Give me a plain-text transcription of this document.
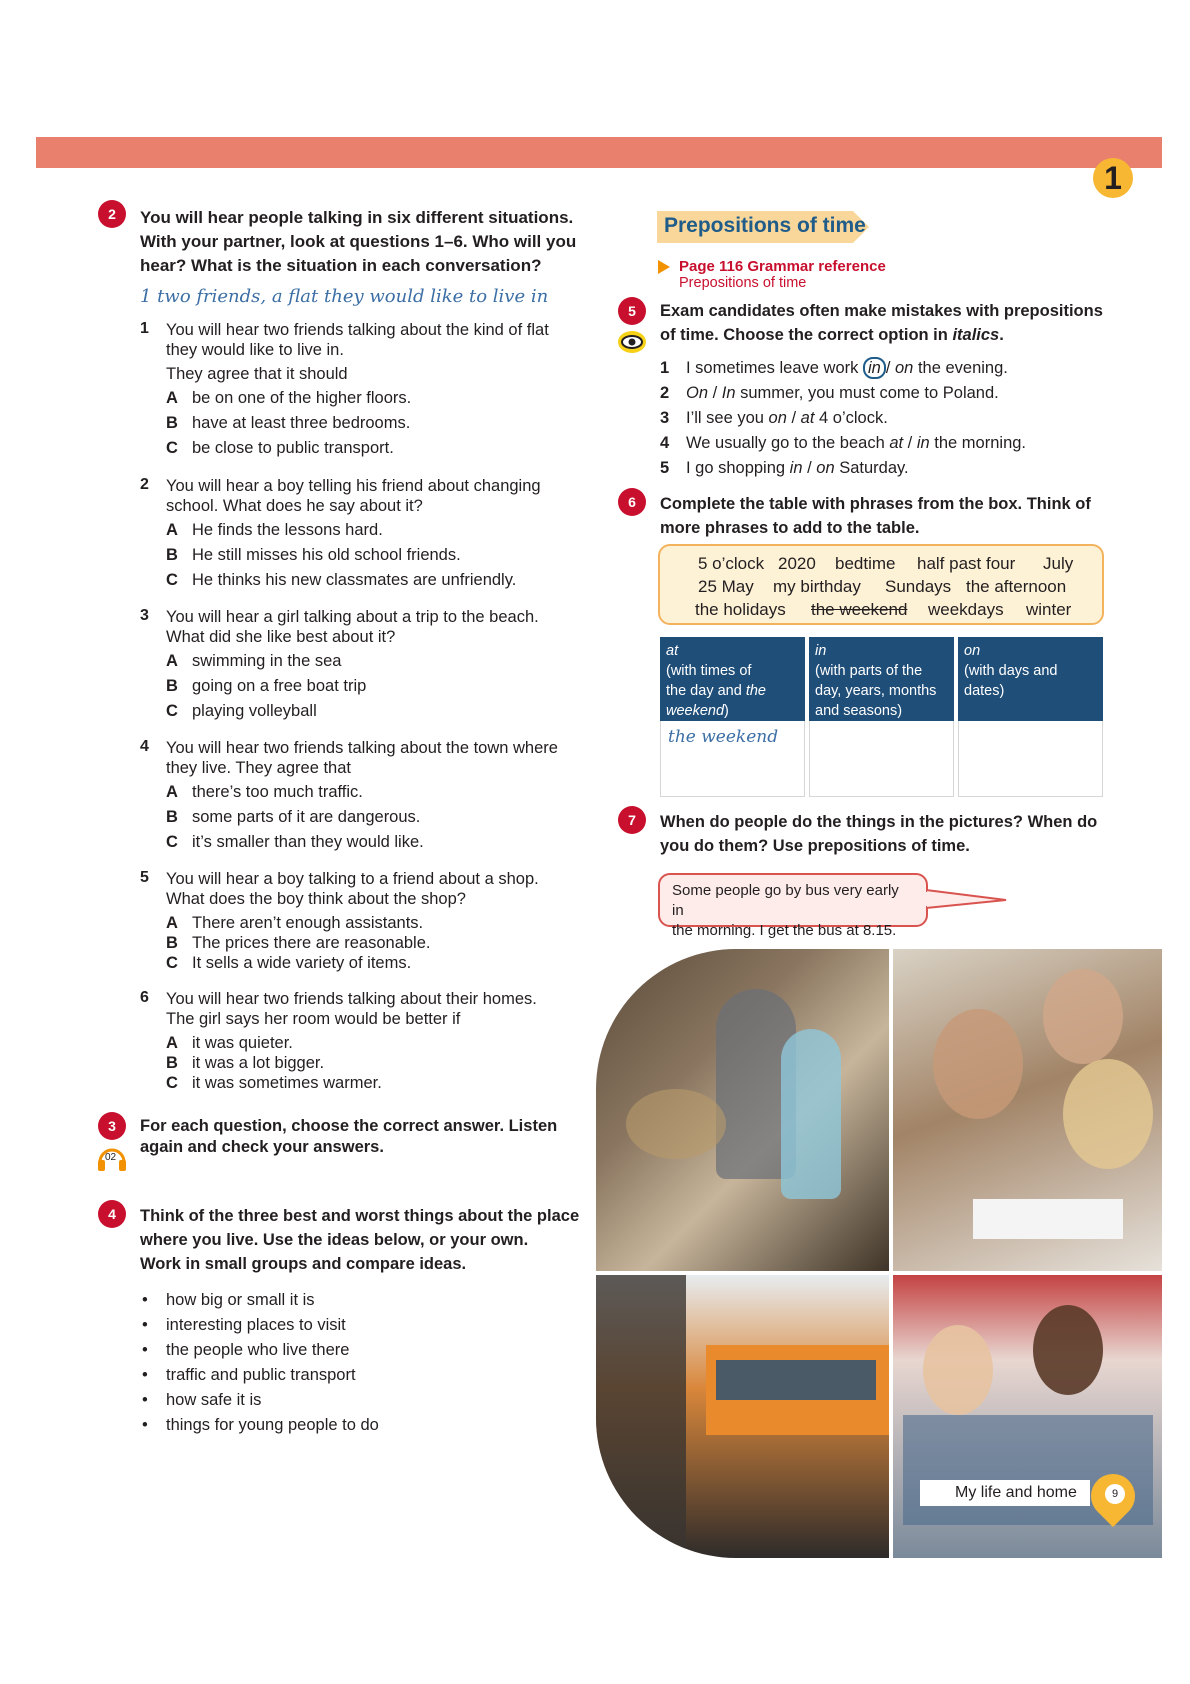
1
2	You will hear people talking in six different situations.
With your partner, look at questions 1–6. Who will you
hear? What is the situation in each conversation?
1 two friends, a flat they would like to live in
1 You will hear two friends talking about the kind of flat
they would like to live in.
They agree that it should
A be on one of the higher floors.
B have at least three bedrooms.
C be close to public transport.
2 You will hear a boy telling his friend about changing
school. What does he say about it?
A He finds the lessons hard.
B He still misses his old school friends.
C He thinks his new classmates are unfriendly.
3 You will hear a girl talking about a trip to the beach.
What did she like best about it?
A swimming in the sea
B going on a free boat trip
C playing volleyball
4 You will hear two friends talking about the town where
they live. They agree that
A there’s too much traffic.
B some parts of it are dangerous.
C it’s smaller than they would like.
5 You will hear a boy talking to a friend about a shop.
What does the boy think about the shop?
A There aren’t enough assistants.
B The prices there are reasonable.
C It sells a wide variety of items.
6 You will hear two friends talking about their homes.
The girl says her room would be better if
A it was quieter.
B it was a lot bigger.
C it was sometimes warmer.
3
02
For each question, choose the correct answer. Listen
again and check your answers.
4	Think of the three best and worst things about the place
where you live. Use the ideas below, or your own.
Work in small groups and compare ideas.
• how big or small it is
• interesting places to visit
• the people who live there
• traffic and public transport
• how safe it is
• things for young people to do
Prepositions of time
Page 116 Grammar reference
Prepositions of time
5	Exam candidates often make mistakes with prepositions
of time. Choose the correct option in italics.
1 I sometimes leave work in / on the evening.
2 On / In summer, you must come to Poland.
3 I’ll see you on / at 4 o’clock.
4 We usually go to the beach at / in the morning.
5 I go shopping in / on Saturday.
6	Complete the table with phrases from the box. Think of
more phrases to add to the table.
5 o’clock 2020 bedtime half past four July
25 May my birthday Sundays the afternoon
the holidays the weekend weekdays winter
at
(with times of
the day and the
weekend)
the weekend
in
(with parts of the
day, years, months
and seasons)
on
(with days and
dates)
7	When do people do the things in the pictures? When do
you do them? Use prepositions of time.
Some people go by bus very early in
the morning. I get the bus at 8.15.
My life and home	9
